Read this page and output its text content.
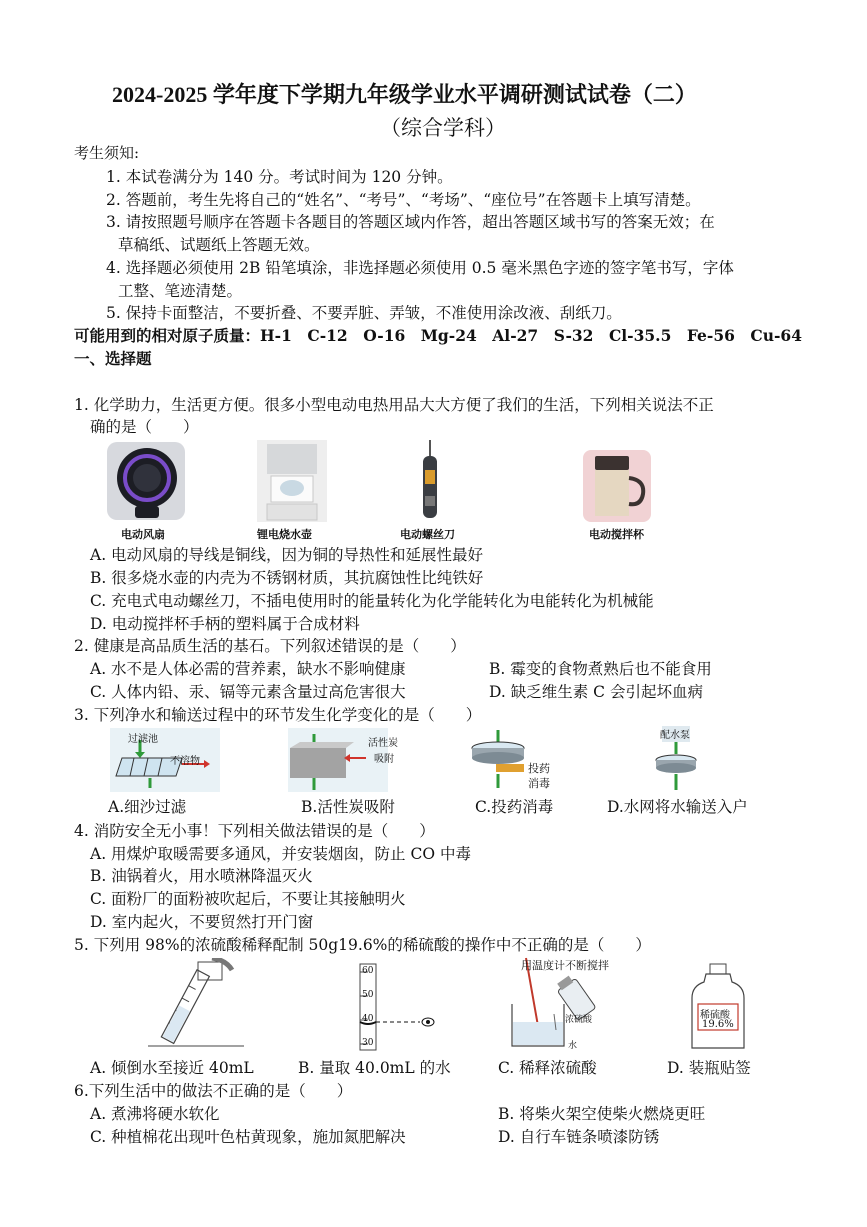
2024-2025 学年度下学期九年级学业水平调研测试试卷（二）
（综合学科）
考生须知:
1. 本试卷满分为 140 分。考试时间为 120 分钟。
2. 答题前，考生先将自己的“姓名”、“考号”、“考场”、“座位号”在答题卡上填写清楚。
3. 请按照题号顺序在答题卡各题目的答题区域内作答，超出答题区域书写的答案无效；在
草稿纸、试题纸上答题无效。
4. 选择题必须使用 2B 铅笔填涂，非选择题必须使用 0.5 毫米黑色字迹的签字笔书写，字体
工整、笔迹清楚。
5. 保持卡面整洁，不要折叠、不要弄脏、弄皱，不准使用涂改液、刮纸刀。
可能用到的相对原子质量：H-1　C-12　O-16　Mg-24　Al-27　S-32　Cl-35.5　Fe-56　Cu-64
一、选择题
1. 化学助力，生活更方便。很多小型电动电热用品大大方便了我们的生活，下列相关说法不正
确的是（　　）
电动风扇	锂电烧水壶	电动螺丝刀	电动搅拌杯
A. 电动风扇的导线是铜线，因为铜的导热性和延展性最好
B. 很多烧水壶的内壳为不锈钢材质，其抗腐蚀性比纯铁好
C. 充电式电动螺丝刀，不插电使用时的能量转化为化学能转化为电能转化为机械能
D. 电动搅拌杯手柄的塑料属于合成材料
2. 健康是高品质生活的基石。下列叙述错误的是（　　）
A. 水不是人体必需的营养素，缺水不影响健康	B. 霉变的食物煮熟后也不能食用
C. 人体内铅、汞、镉等元素含量过高危害很大	D. 缺乏维生素 C 会引起坏血病
3. 下列净水和输送过程中的环节发生化学变化的是（　　）
过滤池
不溶物
活性炭
吸附
投药
消毒
配水泵
A.细沙过滤	B.活性炭吸附	C.投药消毒	D.水网将水输送入户
4. 消防安全无小事！下列相关做法错误的是（　　）
A. 用煤炉取暖需要多通风，并安装烟囱，防止 CO 中毒
B. 油锅着火，用水喷淋降温灭火
C. 面粉厂的面粉被吹起后，不要让其接触明火
D. 室内起火，不要贸然打开门窗
5. 下列用 98%的浓硫酸稀释配制 50g19.6%的稀硫酸的操作中不正确的是（　　）
60
50
40
30
用温度计不断搅拌
浓硫酸
水
稀硫酸
19.6%
A. 倾倒水至接近 40mL	B. 量取 40.0mL 的水	C. 稀释浓硫酸	D. 装瓶贴签
6.下列生活中的做法不正确的是（　　）
A. 煮沸将硬水软化	B. 将柴火架空使柴火燃烧更旺
C. 种植棉花出现叶色枯黄现象，施加氮肥解决	D. 自行车链条喷漆防锈
